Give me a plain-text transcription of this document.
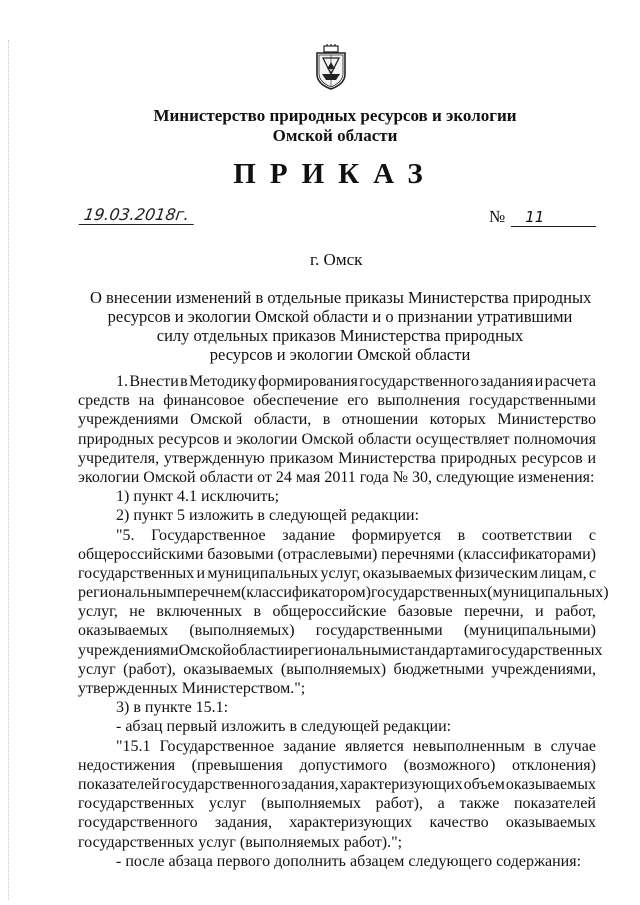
Министерство природных ресурсов и экологии
Омской области
ПРИКАЗ
19.03.2018г.	№ 11
г. Омск
О внесении изменений в отдельные приказы Министерства природных
ресурсов и экологии Омской области и о признании утратившими
силу отдельных приказов Министерства природных
ресурсов и экологии Омской области
1. Внести в Методику формирования государственного задания и расчета
средств на финансовое обеспечение его выполнения государственными
учреждениями Омской области, в отношении которых Министерство
природных ресурсов и экологии Омской области осуществляет полномочия
учредителя, утвержденную приказом Министерства природных ресурсов и
экологии Омской области от 24 мая 2011 года № 30, следующие изменения:
1) пункт 4.1 исключить;
2) пункт 5 изложить в следующей редакции:
"5. Государственное задание формируется в соответствии с
общероссийскими базовыми (отраслевыми) перечнями (классификаторами)
государственных и муниципальных услуг, оказываемых физическим лицам, с
региональным перечнем (классификатором) государственных (муниципальных)
услуг, не включенных в общероссийские базовые перечни, и работ,
оказываемых (выполняемых) государственными (муниципальными)
учреждениями Омской области и региональными стандартами государственных
услуг (работ), оказываемых (выполняемых) бюджетными учреждениями,
утвержденных Министерством.";
3) в пункте 15.1:
- абзац первый изложить в следующей редакции:
"15.1 Государственное задание является невыполненным в случае
недостижения (превышения допустимого (возможного) отклонения)
показателей государственного задания, характеризующих объем оказываемых
государственных услуг (выполняемых работ), а также показателей
государственного задания, характеризующих качество оказываемых
государственных услуг (выполняемых работ).";
- после абзаца первого дополнить абзацем следующего содержания:
